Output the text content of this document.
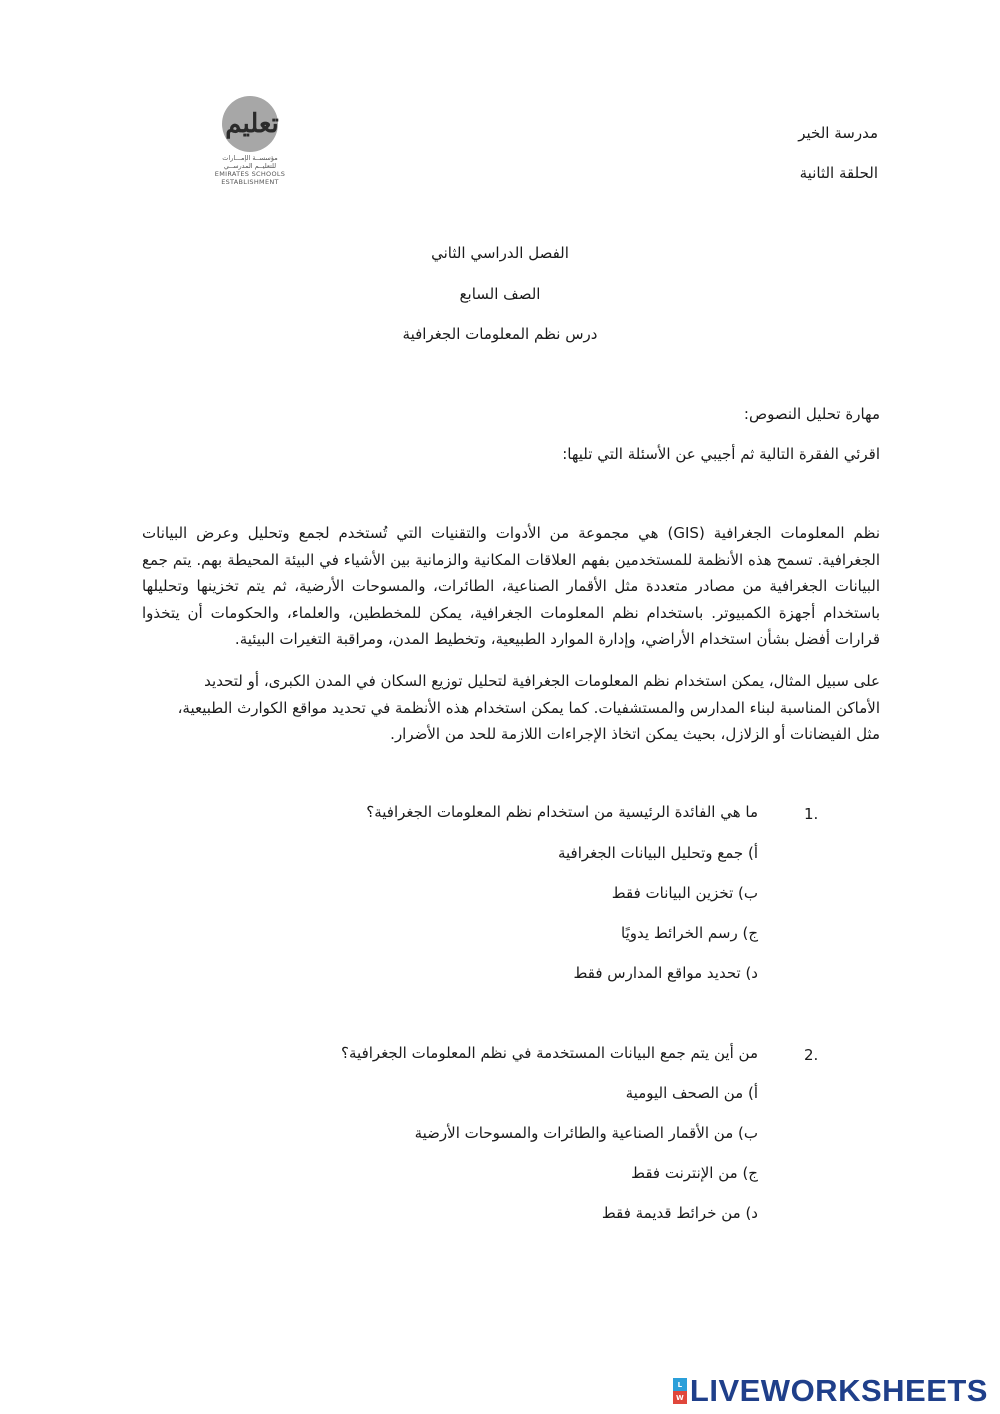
تعليم
مؤسســة الإمـــارات
للتعليــم المدرســي
EMIRATES SCHOOLS
ESTABLISHMENT
مدرسة الخير
الحلقة الثانية
الفصل الدراسي الثاني
الصف السابع
درس نظم المعلومات الجغرافية
مهارة تحليل النصوص:
اقرئي الفقرة التالية ثم أجيبي عن الأسئلة التي تليها:
نظم المعلومات الجغرافية (GIS) هي مجموعة من الأدوات والتقنيات التي تُستخدم لجمع وتحليل وعرض البيانات الجغرافية. تسمح هذه الأنظمة للمستخدمين بفهم العلاقات المكانية والزمانية بين الأشياء في البيئة المحيطة بهم. يتم جمع البيانات الجغرافية من مصادر متعددة مثل الأقمار الصناعية، الطائرات، والمسوحات الأرضية، ثم يتم تخزينها وتحليلها باستخدام أجهزة الكمبيوتر. باستخدام نظم المعلومات الجغرافية، يمكن للمخططين، والعلماء، والحكومات أن يتخذوا قرارات أفضل بشأن استخدام الأراضي، وإدارة الموارد الطبيعية، وتخطيط المدن، ومراقبة التغيرات البيئية.
على سبيل المثال، يمكن استخدام نظم المعلومات الجغرافية لتحليل توزيع السكان في المدن الكبرى، أو لتحديد الأماكن المناسبة لبناء المدارس والمستشفيات. كما يمكن استخدام هذه الأنظمة في تحديد مواقع الكوارث الطبيعية، مثل الفيضانات أو الزلازل، بحيث يمكن اتخاذ الإجراءات اللازمة للحد من الأضرار.
1.
ما هي الفائدة الرئيسية من استخدام نظم المعلومات الجغرافية؟
أ) جمع وتحليل البيانات الجغرافية
ب) تخزين البيانات فقط
ج) رسم الخرائط يدويًا
د) تحديد مواقع المدارس فقط
2.
من أين يتم جمع البيانات المستخدمة في نظم المعلومات الجغرافية؟
أ) من الصحف اليومية
ب) من الأقمار الصناعية والطائرات والمسوحات الأرضية
ج) من الإنترنت فقط
د) من خرائط قديمة فقط
L
W LIVEWORKSHEETS
